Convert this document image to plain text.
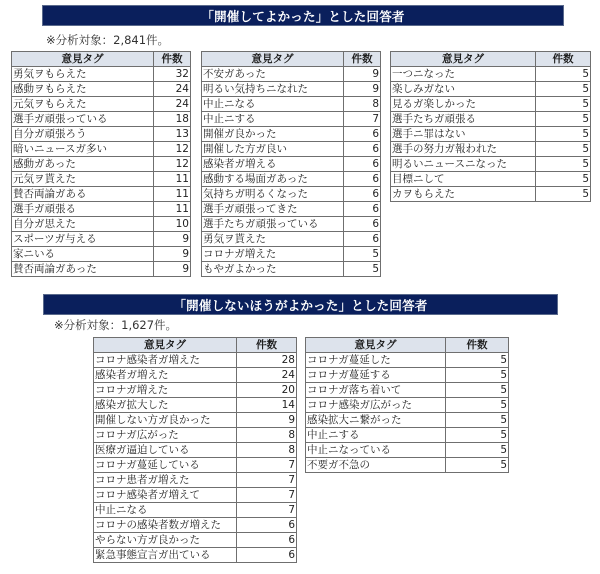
「開催してよかった」とした回答者
※分析対象：2,841件。
意見タグ	件数
勇気ヲもらえた	32
感動ヲもらえた	24
元気ヲもらえた	24
選手ガ頑張っている	18
自分ガ頑張ろう	13
暗いニュースガ多い	12
感動ガあった	12
元気ヲ貰えた	11
賛否両論ガある	11
選手ガ頑張る	11
自分ガ思えた	10
スポーツガ与える	9
家ニいる	9
賛否両論ガあった	9
意見タグ	件数
不安ガあった	9
明るい気持ちニなれた	9
中止ニなる	8
中止ニする	7
開催ガ良かった	6
開催した方ガ良い	6
感染者ガ増える	6
感動する場面ガあった	6
気持ちガ明るくなった	6
選手ガ頑張ってきた	6
選手たちガ頑張っている	6
勇気ヲ貰えた	6
コロナガ増えた	5
もやガよかった	5
意見タグ	件数
一つニなった	5
楽しみガない	5
見るガ楽しかった	5
選手たちガ頑張る	5
選手ニ罪はない	5
選手の努力ガ報われた	5
明るいニュースニなった	5
目標ニして	5
カヲもらえた	5
「開催しないほうがよかった」とした回答者
※分析対象：1,627件。
意見タグ	件数
コロナ感染者ガ増えた	28
感染者ガ増えた	24
コロナガ増えた	20
感染ガ拡大した	14
開催しない方ガ良かった	9
コロナガ広がった	8
医療ガ逼迫している	8
コロナガ蔓延している	7
コロナ患者ガ増えた	7
コロナ感染者ガ増えて	7
中止ニなる	7
コロナの感染者数ガ増えた	6
やらない方ガ良かった	6
緊急事態宣言ガ出ている	6
意見タグ	件数
コロナガ蔓延した	5
コロナガ蔓延する	5
コロナガ落ち着いて	5
コロナ感染ガ広がった	5
感染拡大ニ繋がった	5
中止ニする	5
中止ニなっている	5
不要ガ不急の	5
